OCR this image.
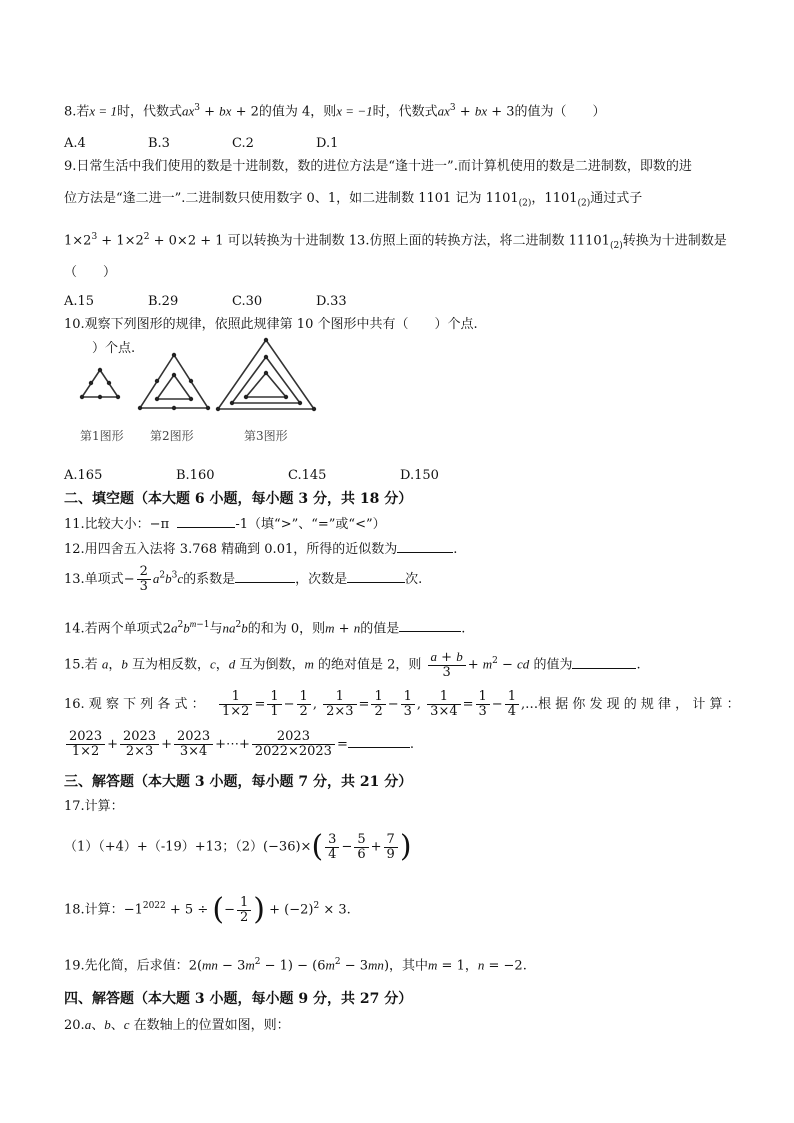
8.若x = 1时，代数式$ax^3$ + bx + 2的值为 4，则x = −1时，代数式$ax^3$ + bx + 3的值为（　　）
A.4	B.3	C.2	D.1
9.日常生活中我们使用的数是十进制数，数的进位方法是“逢十进一”.而计算机使用的数是二进制数，即数的进
位方法是“逢二进一”.二进制数只使用数字 0、1，如二进制数 1101 记为 $1101_{(2)}$，$1101_{(2)}$通过式子
$1\times 2^3 + 1\times 2^2 + 0\times 2 + 1$ 可以转换为十进制数 13.仿照上面的转换方法，将二进制数 $11101_{(2)}$转换为十进制数是
（　　）
A.15	B.29	C.30	D.33
10.观察下列图形的规律，依照此规律第 10 个图形中共有（　　）个点.
）个点.
第1图形 第2图形	第3图形
A.165	B.160	C.145	D.150
二、填空题（本大题 6 小题，每小题 3 分，共 18 分）
11.比较大小：−π	-1（填“>”、“=”或“<”）
12.用四舍五入法将 3.768 精确到 0.01，所得的近似数为	.
13.单项式− $\frac{2}{3} a^2b^3c$的系数是	，次数是	次.
14.若两个单项式$2a^2b^{m-1}$与$na^2b$的和为 0，则m + n的值是	.
15.若 a，b 互为相反数，c，d 互为倒数，m 的绝对值是 2，则 $\frac{a + b}{3} + m^2$ − cd 的值为	.
16. 观 察 下 列 各 式 ： $\frac{1}{1\times 2} = \frac{1}{1} - \frac{1}{2}$ , $\frac{1}{2\times 3} = \frac{1}{2} - \frac{1}{3}$ , $\frac{1}{3\times 4} = \frac{1}{3} - \frac{1}{4}$ ,…根 据 你 发 现 的 规 律 ， 计 算 ：
$\frac{2023}{1\times 2} + \frac{2023}{2\times 3} + \frac{2023}{3\times 4}$ +⋯+ $\frac{2023}{2022\times 2023}$ =	.
三、解答题（本大题 3 小题，每小题 7 分，共 21 分）
17.计算：
（1）（+4）+（-19）+13；$(2)(-36)\times( \frac{3}{4} - \frac{5}{6} + \frac{7}{9}$ )
18.计算：$-1^{2022} + 5$ ÷ (− $\frac{1}{2}$ ) + $(-2)^2 \times 3$.
19.先化简，后求值：$2(mn - 3m^2 - 1) - (6m^2 - 3mn)$，其中m = 1，n = −2.
四、解答题（本大题 3 小题，每小题 9 分，共 27 分）
20.a、b、c 在数轴上的位置如图，则：
